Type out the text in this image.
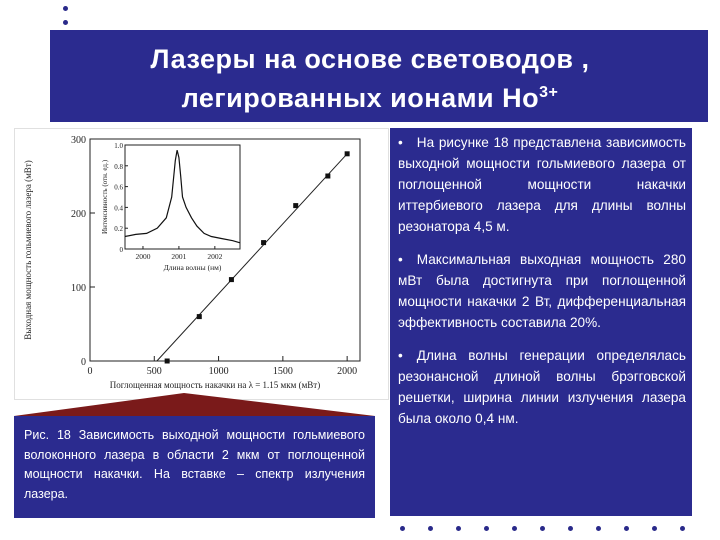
Лазеры на основе световодов ,
легированных ионами $Но^{3+}$
0	500	1000	1500	2000
0
100
200
300
Поглощенная мощность накачки на λ = 1.15 мкм (мВт)
Выходная мощность гольмиевого лазера (мВт)	2000	2001	2002
0
0.2
0.4
0.6
0.8
1.0
Длина волны (нм)
Интенсивность (отн. ед.)
Рис. 18 Зависимость выходной мощности гольмиевого волоконного лазера в области 2 мкм от поглощенной мощности накачки. На вставке – спектр излучения лазера.
• На рисунке 18 представлена зависимость выходной мощности гольмиевого лазера от поглощенной мощности накачки иттербиевого лазера для длины волны резонатора 4,5 м.
• Максимальная выходная мощность 280 мВт была достигнута при поглощенной мощности накачки 2 Вт, дифференциальная эффективность составила 20%.
• Длина волны генерации определялась резонансной длиной волны брэгговской решетки, ширина линии излучения лазера была около 0,4 нм.
